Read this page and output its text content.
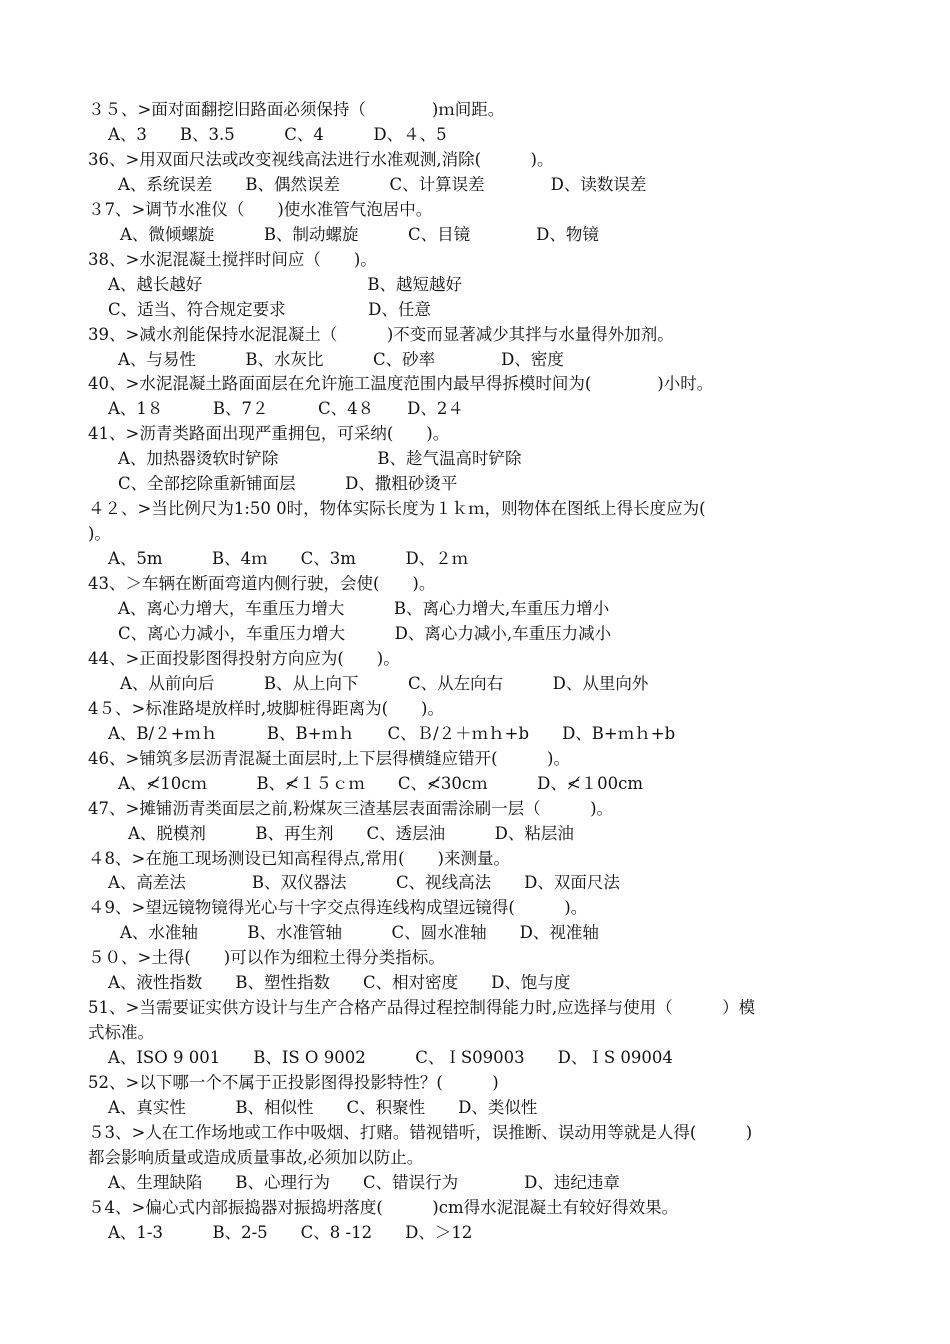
３５、>面对面翻挖旧路面必须保持（　　　　)ｍ间距。
A、3　　B、3.5　　　C、4　　　D、４、5
36、>用双面尺法或改变视线高法进行水准观测,消除(　　　)。
A、系统误差　　B、偶然误差　　　C、计算误差　　　　D、读数误差
３7、>调节水准仪（　　)使水准管气泡居中。
A、微倾螺旋　　　B、制动螺旋　　　C、目镜　　　　D、物镜
38、>水泥混凝土搅拌时间应（　　)。
A、越长越好　　　　　　　　　　B、越短越好
C、适当、符合规定要求　　　　　D、任意
39、>减水剂能保持水泥混凝土（　　　)不变而显著减少其拌与水量得外加剂。
A、与易性　　　B、水灰比　　　C、砂率　　　　D、密度
40、>水泥混凝土路面面层在允许施工温度范围内最早得拆模时间为(　　　　)小时。
A、1８　　　B、7２　　　C、4８　　D、2４
41、>沥青类路面出现严重拥包，可采纳(　　)。
A、加热器烫软时铲除　　　　　　B、趁气温高时铲除
C、全部挖除重新铺面层　　　D、撒粗砂烫平
４２、>当比例尺为1:50 0时，物体实际长度为１ｋｍ，则物体在图纸上得长度应为(
)。
A、5m　　　B、4ｍ　　C、3m　　　D、２ｍ
43、＞车辆在断面弯道内侧行驶，会使(　　)。
A、离心力增大，车重压力增大　　　B、离心力增大,车重压力增小
C、离心力减小，车重压力增大　　　D、离心力减小,车重压力减小
44、>正面投影图得投射方向应为(　　)。
A、从前向后　　　B、从上向下　　　C、从左向右　　　D、从里向外
4５、>标准路堤放样时,坡脚桩得距离为(　　)。
A、B/２+ｍｈ　　　B、B+ｍｈ　　C、Ｂ/２＋ｍｈ+b　　D、B+ｍｈ+b
46、>铺筑多层沥青混凝土面层时,上下层得横缝应错开(　　　)。
A、≮10cｍ　　　B、≮１５ｃｍ　　C、≮30cｍ　　　D、≮１00cm
47、>摊铺沥青类面层之前,粉煤灰三渣基层表面需涂刷一层（　　　)。
A、脱模剂　　　B、再生剂　　C、透层油　　　D、粘层油
４8、>在施工现场测设已知高程得点,常用(　　)来测量。
A、高差法　　　　B、双仪器法　　　C、视线高法　　D、双面尺法
４9、>望远镜物镜得光心与十字交点得连线构成望远镜得(　　　)。
A、水准轴　　　B、水准管轴　　　C、圆水准轴　　D、视准轴
５０、>土得(　　)可以作为细粒土得分类指标。
A、液性指数　　B、塑性指数　　C、相对密度　　D、饱与度
51、>当需要证实供方设计与生产合格产品得过程控制得能力时,应选择与使用（　　　）模
式标准。
A、ISO 9 001　　B、IS O 9002　　　C、ＩS09003　　D、ＩS 09004
52、>以下哪一个不属于正投影图得投影特性？(　　　)
A、真实性　　　B、相似性　　C、积聚性　　D、类似性
５3、>人在工作场地或工作中吸烟、打赌。错视错听，误推断、误动用等就是人得(　　　)
都会影响质量或造成质量事故,必须加以防止。
A、生理缺陷　　B、心理行为　　C、错误行为　　　　D、违纪违章
５4、>偏心式内部振捣器对振捣坍落度(　　　)cm得水泥混凝土有较好得效果。
A、1-3　　　B、2-5　　C、8 -12　　D、＞12
